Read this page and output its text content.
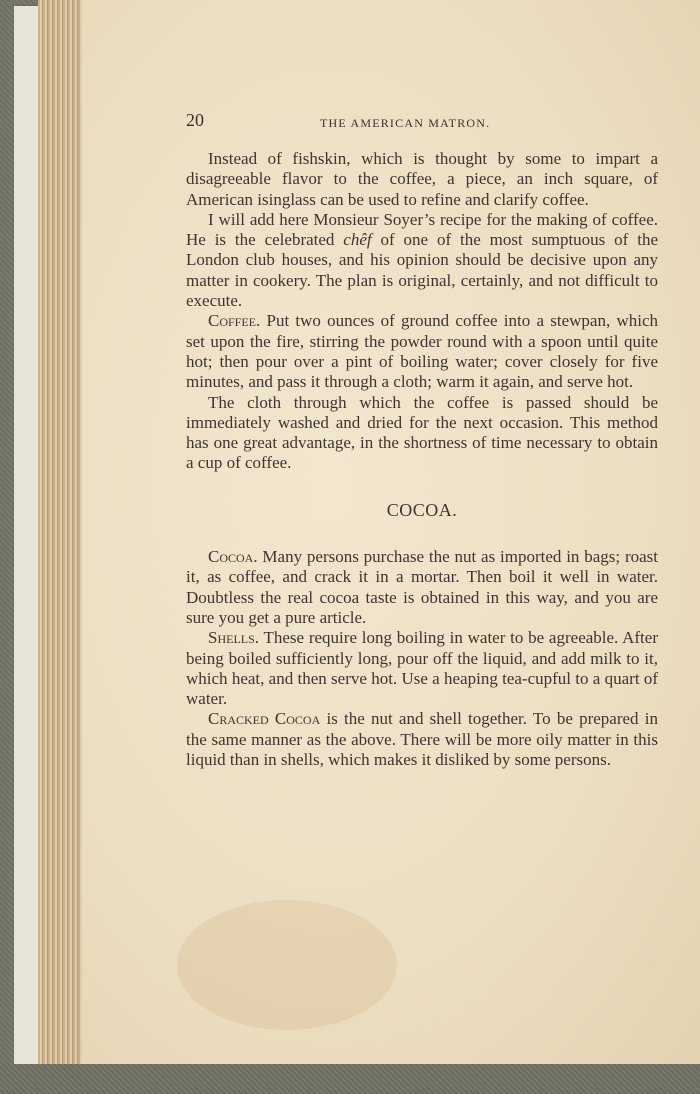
20	THE AMERICAN MATRON.

Instead of fishskin, which is thought by some to impart a disagreeable flavor to the coffee, a piece, an inch square, of American isinglass can be used to refine and clarify coffee.

I will add here Monsieur Soyer’s recipe for the making of coffee. He is the celebrated chêf of one of the most sumptuous of the London club houses, and his opinion should be decisive upon any matter in cookery. The plan is original, certainly, and not difficult to execute.

Coffee. Put two ounces of ground coffee into a stewpan, which set upon the fire, stirring the powder round with a spoon until quite hot; then pour over a pint of boiling water; cover closely for five minutes, and pass it through a cloth; warm it again, and serve hot.

The cloth through which the coffee is passed should be immediately washed and dried for the next occasion. This method has one great advantage, in the shortness of time necessary to obtain a cup of coffee.

COCOA.

Cocoa. Many persons purchase the nut as imported in bags; roast it, as coffee, and crack it in a mortar. Then boil it well in water. Doubtless the real cocoa taste is obtained in this way, and you are sure you get a pure article.

Shells. These require long boiling in water to be agreeable. After being boiled sufficiently long, pour off the liquid, and add milk to it, which heat, and then serve hot. Use a heaping tea-cupful to a quart of water.

Cracked Cocoa is the nut and shell together. To be prepared in the same manner as the above. There will be more oily matter in this liquid than in shells, which makes it disliked by some persons.
